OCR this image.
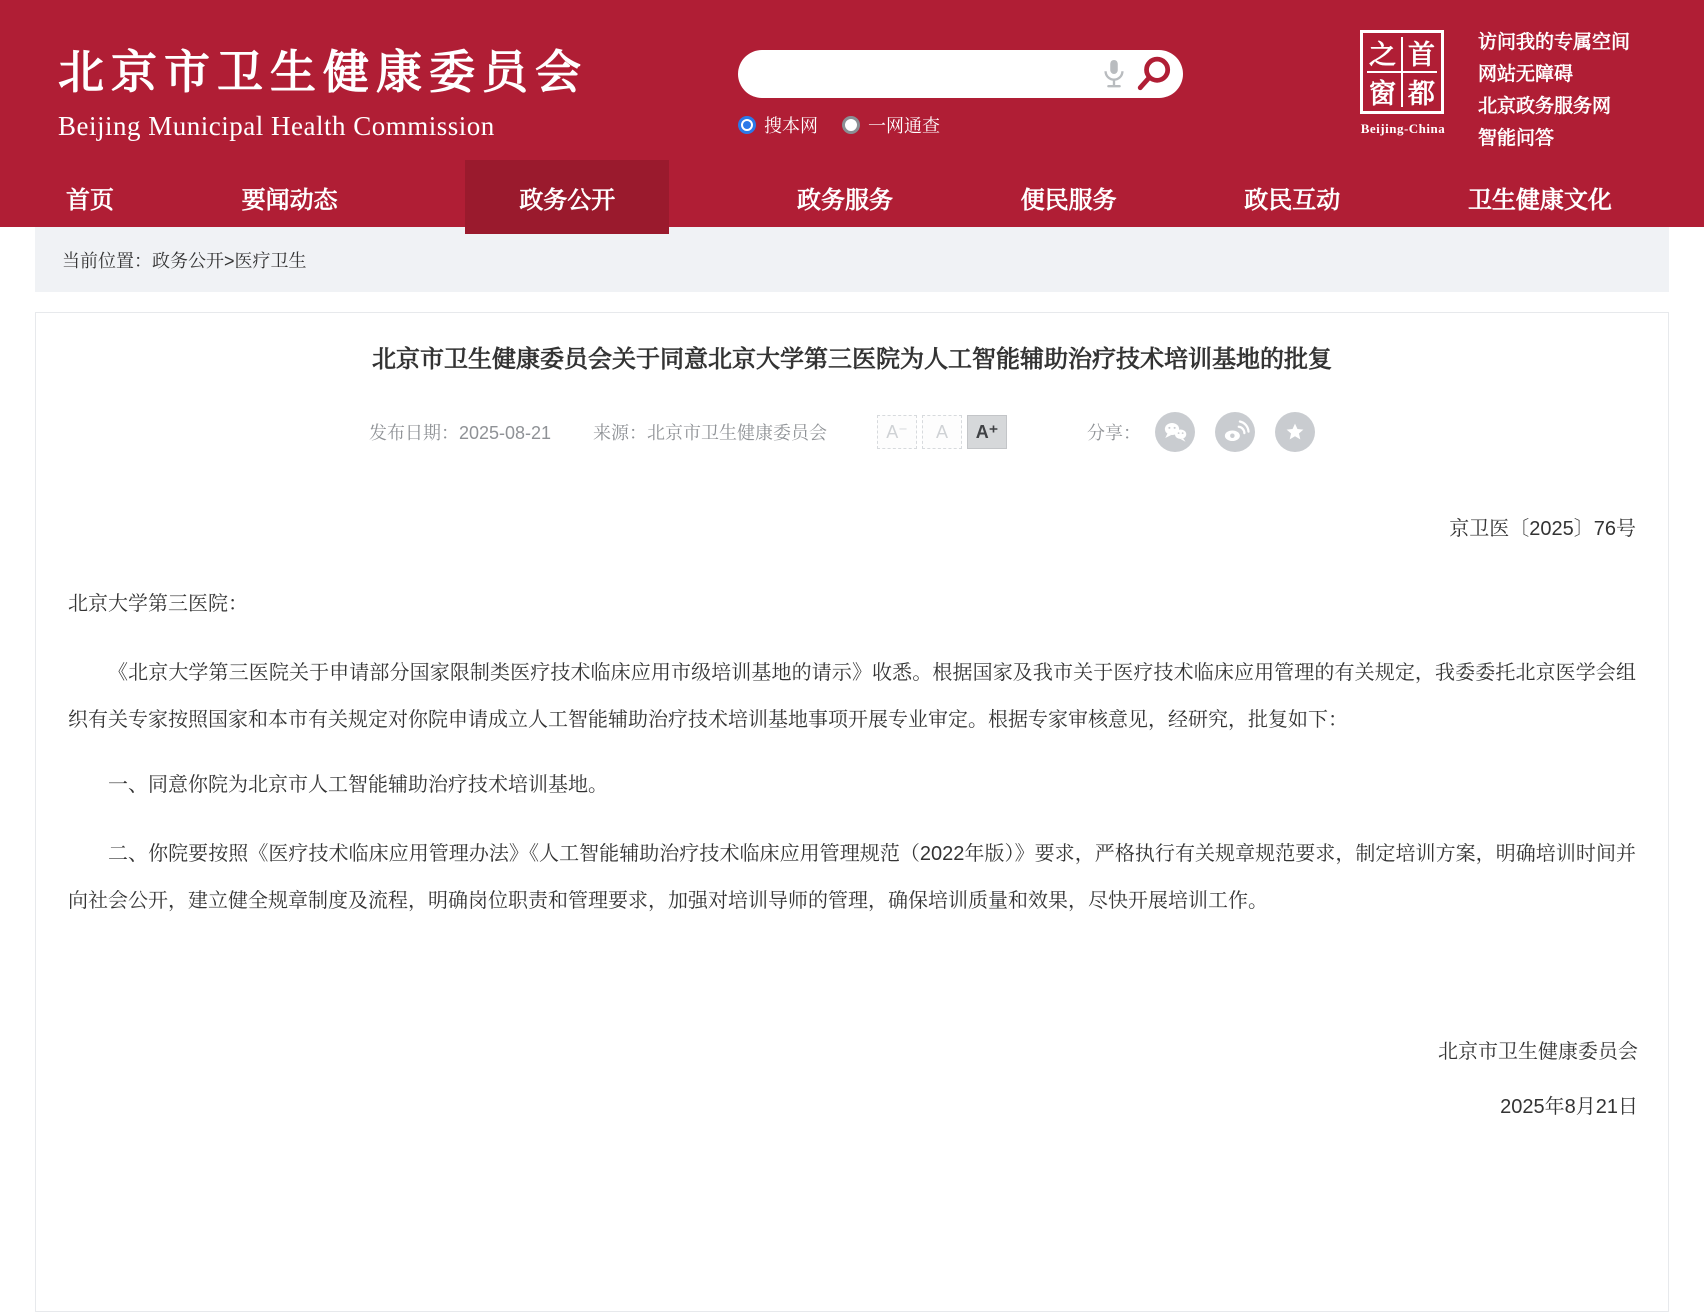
北京市卫生健康委员会
Beijing Municipal Health Commission	搜本网	一网通查
之 首
窗 都
Beijing-China
访问我的专属空间
网站无障碍
北京政务服务网
智能问答
首页	要闻动态	政务公开	政务服务	便民服务	政民互动	卫生健康文化
当前位置： 政务公开>医疗卫生
北京市卫生健康委员会关于同意北京大学第三医院为人工智能辅助治疗技术培训基地的批复
发布日期：2025-08-21 来源：北京市卫生健康委员会	A⁻	A	A⁺	分享：
京卫医〔2025〕76号

北京大学第三医院：

《北京大学第三医院关于申请部分国家限制类医疗技术临床应用市级培训基地的请示》收悉。根据国家及我市关于医疗技术临床应用管理的有关规定，我委委托北京医学会组织有关专家按照国家和本市有关规定对你院申请成立人工智能辅助治疗技术培训基地事项开展专业审定。根据专家审核意见，经研究，批复如下：

一、同意你院为北京市人工智能辅助治疗技术培训基地。

二、你院要按照《医疗技术临床应用管理办法》《人工智能辅助治疗技术临床应用管理规范（2022年版）》要求，严格执行有关规章规范要求，制定培训方案，明确培训时间并向社会公开，建立健全规章制度及流程，明确岗位职责和管理要求，加强对培训导师的管理，确保培训质量和效果，尽快开展培训工作。

北京市卫生健康委员会
2025年8月21日
